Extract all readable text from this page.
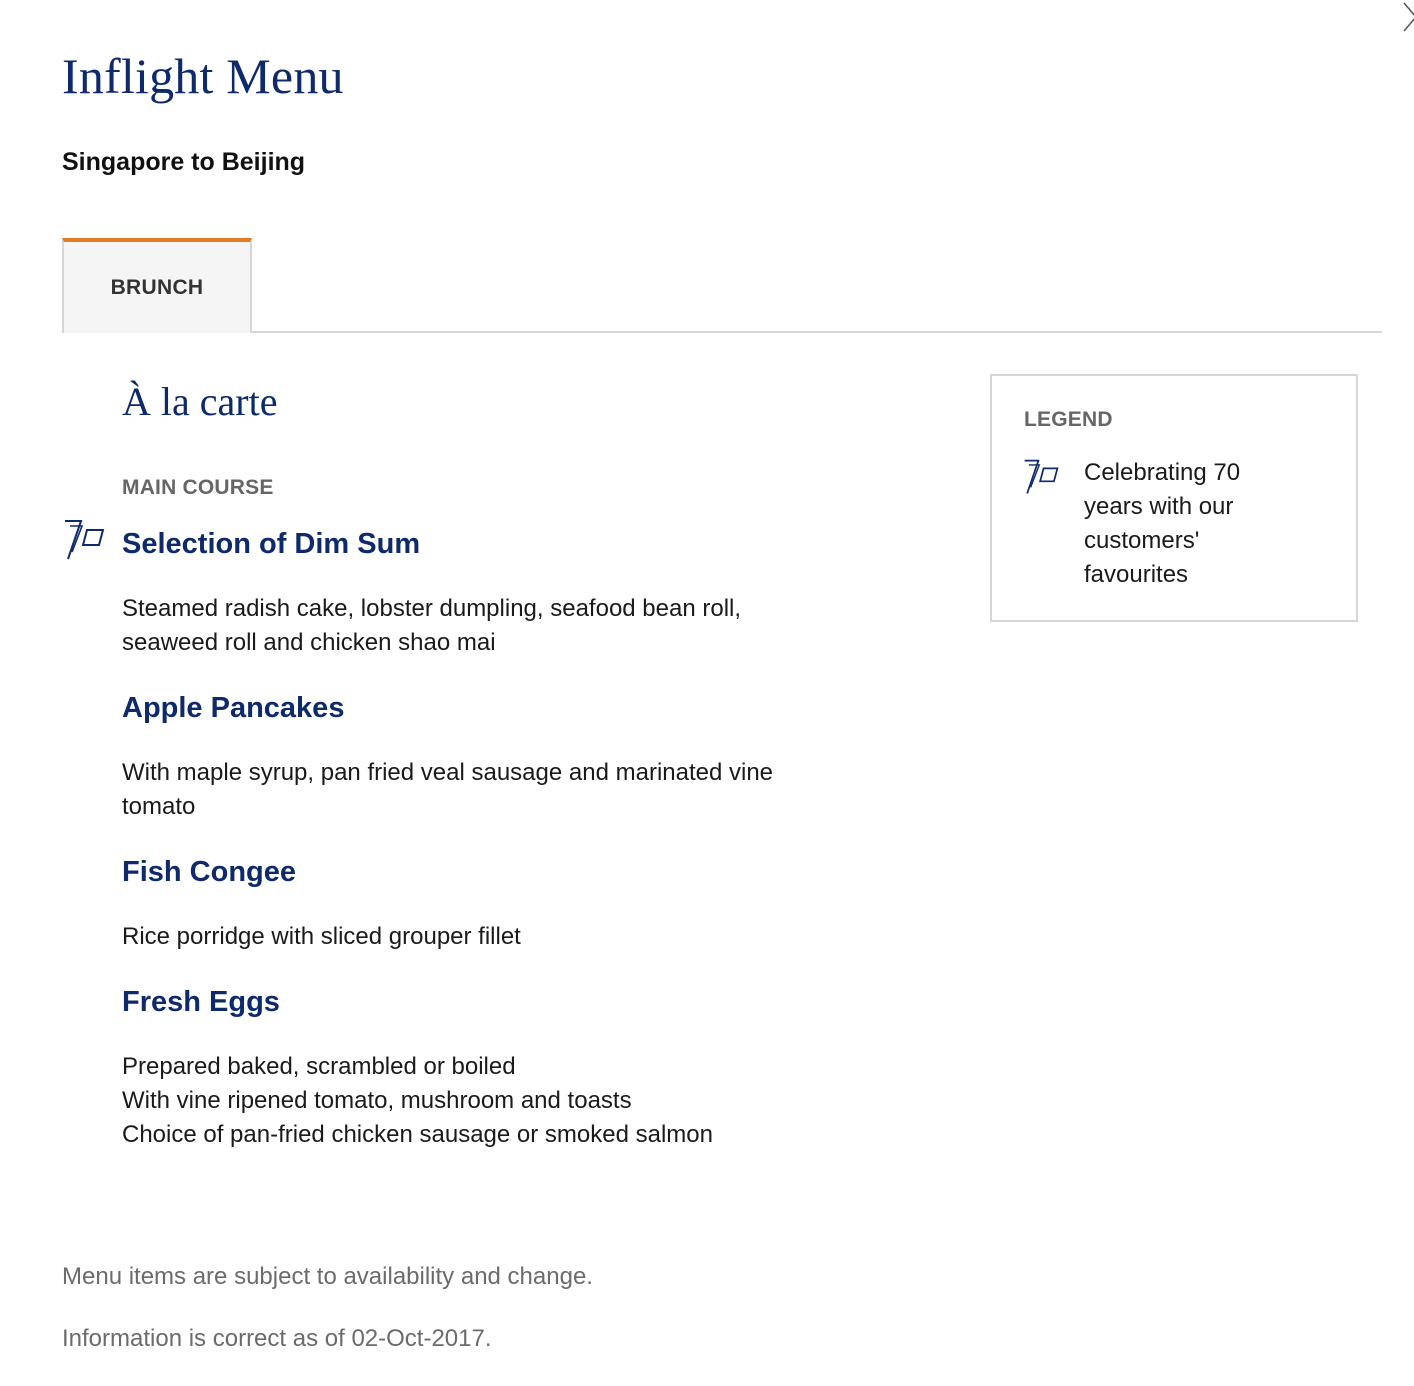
Inflight Menu
Singapore to Beijing
BRUNCH
À la carte
MAIN COURSE
Selection of Dim Sum
Steamed radish cake, lobster dumpling, seafood bean roll,
seaweed roll and chicken shao mai
Apple Pancakes
With maple syrup, pan fried veal sausage and marinated vine
tomato
Fish Congee
Rice porridge with sliced grouper fillet
Fresh Eggs
Prepared baked, scrambled or boiled
With vine ripened tomato, mushroom and toasts
Choice of pan-fried chicken sausage or smoked salmon
LEGEND
Celebrating 70
years with our
customers'
favourites
Menu items are subject to availability and change.
Information is correct as of 02-Oct-2017.
